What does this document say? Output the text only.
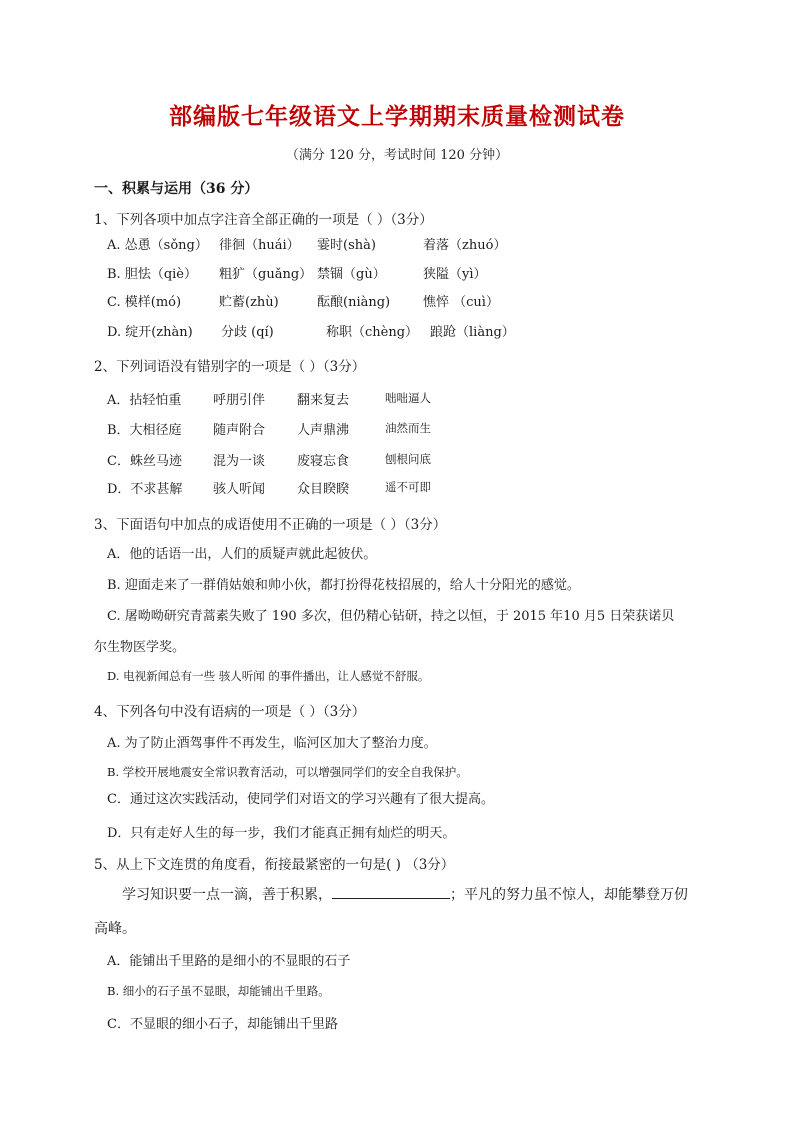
部编版七年级语文上学期期末质量检测试卷
（满分 120 分，考试时间 120 分钟）
一、积累与运用（36 分）
1、下列各项中加点字注音全部正确的一项是（ ）（3分）
A. 怂恿（sǒng） 徘徊（huái） 霎时(shà)	着落（zhuó）
B. 胆怯（qiè） 粗犷（guǎng） 禁锢（gù）	狭隘（yì）
C. 模样(mó)	贮蓄(zhù)	酝酿(niàng)	憔悴 （cuì）
D. 绽开(zhàn) 分歧 (qí)	称职（chèng） 踉跄（liàng）
2、下列词语没有错别字的一项是（ ）（3分）
A．拈轻怕重 呼朋引伴 翻来复去	咄咄逼人
B．大相径庭 随声附合 人声鼎沸	油然而生
C．蛛丝马迹 混为一谈 废寝忘食	刨根问底
D．不求甚解 骇人听闻 众目睽睽	遥不可即
3、下面语句中加点的成语使用不正确的一项是（ ）（3分）
A．他的话语一出，人们的质疑声就此起彼伏。
B. 迎面走来了一群俏姑娘和帅小伙，都打扮得花枝招展的，给人十分阳光的感觉。
C. 屠呦呦研究青蒿素失败了 190 多次，但仍精心钻研，持之以恒，于 2015 年10 月5 日荣获诺贝
尔生物医学奖。
D. 电视新闻总有一些 骇人听闻 的事件播出，让人感觉不舒服。
4、下列各句中没有语病的一项是（ ）（3分）
A. 为了防止酒驾事件不再发生，临河区加大了整治力度。
B. 学校开展地震安全常识教育活动，可以增强同学们的安全自我保护。
C．通过这次实践活动，使同学们对语文的学习兴趣有了很大提高。
D．只有走好人生的每一步，我们才能真正拥有灿烂的明天。
5、从上下文连贯的角度看，衔接最紧密的一句是( ) （3分）
学习知识要一点一滴，善于积累，	；平凡的努力虽不惊人，却能攀登万仞
高峰。
A．能铺出千里路的是细小的不显眼的石子
B. 细小的石子虽不显眼，却能铺出千里路。
C．不显眼的细小石子，却能铺出千里路
